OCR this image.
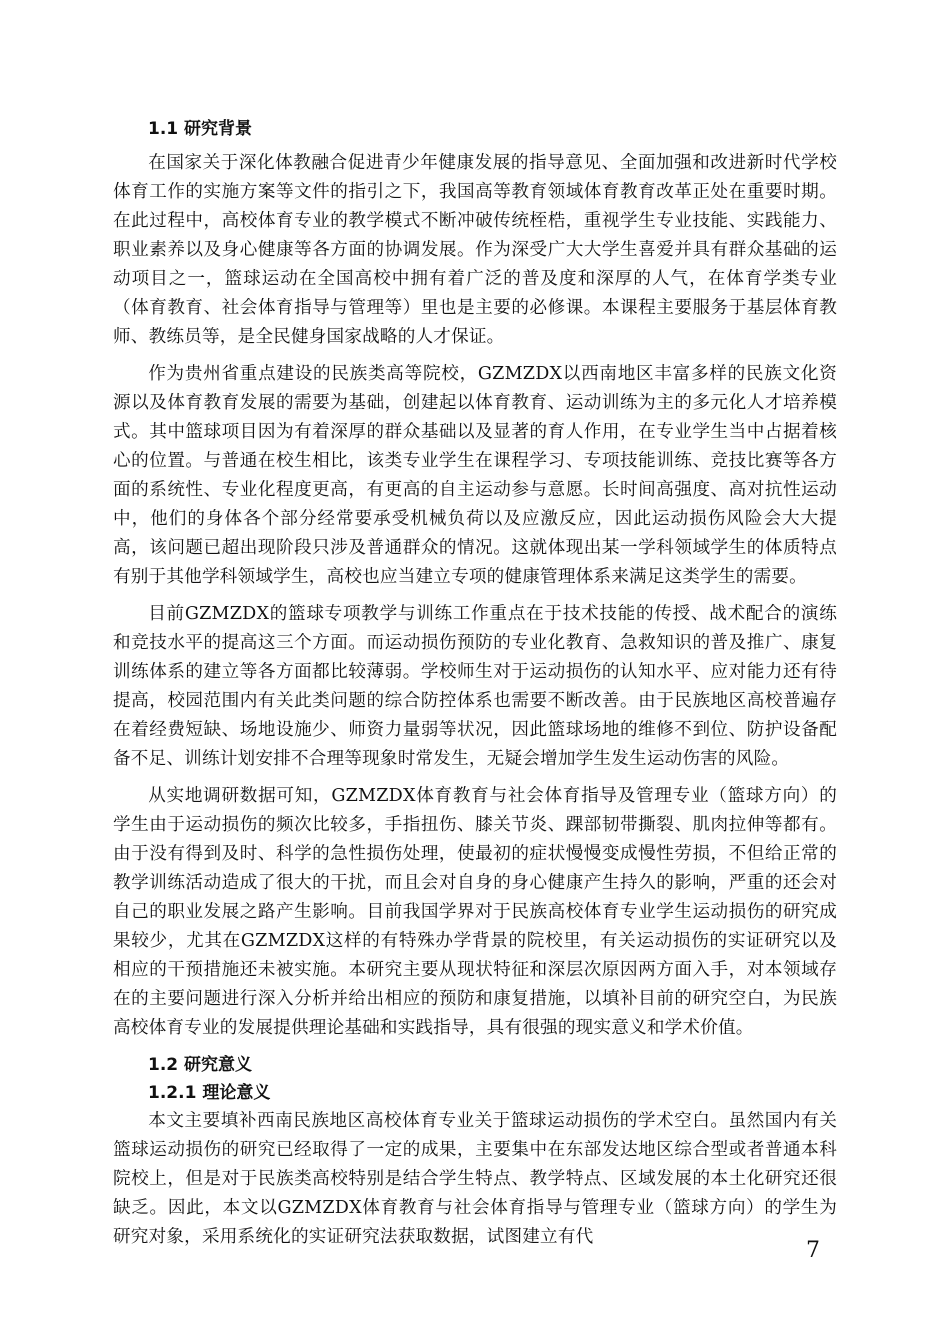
1.1 研究背景

在国家关于深化体教融合促进青少年健康发展的指导意见、全面加强和改进新时代学校体育工作的实施方案等文件的指引之下，我国高等教育领域体育教育改革正处在重要时期。在此过程中，高校体育专业的教学模式不断冲破传统桎梏，重视学生专业技能、实践能力、职业素养以及身心健康等各方面的协调发展。作为深受广大大学生喜爱并具有群众基础的运动项目之一，篮球运动在全国高校中拥有着广泛的普及度和深厚的人气，在体育学类专业（体育教育、社会体育指导与管理等）里也是主要的必修课。本课程主要服务于基层体育教师、教练员等，是全民健身国家战略的人才保证。

作为贵州省重点建设的民族类高等院校，GZMZDX以西南地区丰富多样的民族文化资源以及体育教育发展的需要为基础，创建起以体育教育、运动训练为主的多元化人才培养模式。其中篮球项目因为有着深厚的群众基础以及显著的育人作用，在专业学生当中占据着核心的位置。与普通在校生相比，该类专业学生在课程学习、专项技能训练、竞技比赛等各方面的系统性、专业化程度更高，有更高的自主运动参与意愿。长时间高强度、高对抗性运动中，他们的身体各个部分经常要承受机械负荷以及应激反应，因此运动损伤风险会大大提高，该问题已超出现阶段只涉及普通群众的情况。这就体现出某一学科领域学生的体质特点有别于其他学科领域学生，高校也应当建立专项的健康管理体系来满足这类学生的需要。

目前GZMZDX的篮球专项教学与训练工作重点在于技术技能的传授、战术配合的演练和竞技水平的提高这三个方面。而运动损伤预防的专业化教育、急救知识的普及推广、康复训练体系的建立等各方面都比较薄弱。学校师生对于运动损伤的认知水平、应对能力还有待提高，校园范围内有关此类问题的综合防控体系也需要不断改善。由于民族地区高校普遍存在着经费短缺、场地设施少、师资力量弱等状况，因此篮球场地的维修不到位、防护设备配备不足、训练计划安排不合理等现象时常发生，无疑会增加学生发生运动伤害的风险。

从实地调研数据可知，GZMZDX体育教育与社会体育指导及管理专业（篮球方向）的学生由于运动损伤的频次比较多，手指扭伤、膝关节炎、踝部韧带撕裂、肌肉拉伸等都有。由于没有得到及时、科学的急性损伤处理，使最初的症状慢慢变成慢性劳损，不但给正常的教学训练活动造成了很大的干扰，而且会对自身的身心健康产生持久的影响，严重的还会对自己的职业发展之路产生影响。目前我国学界对于民族高校体育专业学生运动损伤的研究成果较少，尤其在GZMZDX这样的有特殊办学背景的院校里，有关运动损伤的实证研究以及相应的干预措施还未被实施。本研究主要从现状特征和深层次原因两方面入手，对本领域存在的主要问题进行深入分析并给出相应的预防和康复措施，以填补目前的研究空白，为民族高校体育专业的发展提供理论基础和实践指导，具有很强的现实意义和学术价值。

1.2 研究意义
1.2.1 理论意义

本文主要填补西南民族地区高校体育专业关于篮球运动损伤的学术空白。虽然国内有关篮球运动损伤的研究已经取得了一定的成果，主要集中在东部发达地区综合型或者普通本科院校上，但是对于民族类高校特别是结合学生特点、教学特点、区域发展的本土化研究还很缺乏。因此，本文以GZMZDX体育教育与社会体育指导与管理专业（篮球方向）的学生为研究对象，采用系统化的实证研究法获取数据，试图建立有代

7
